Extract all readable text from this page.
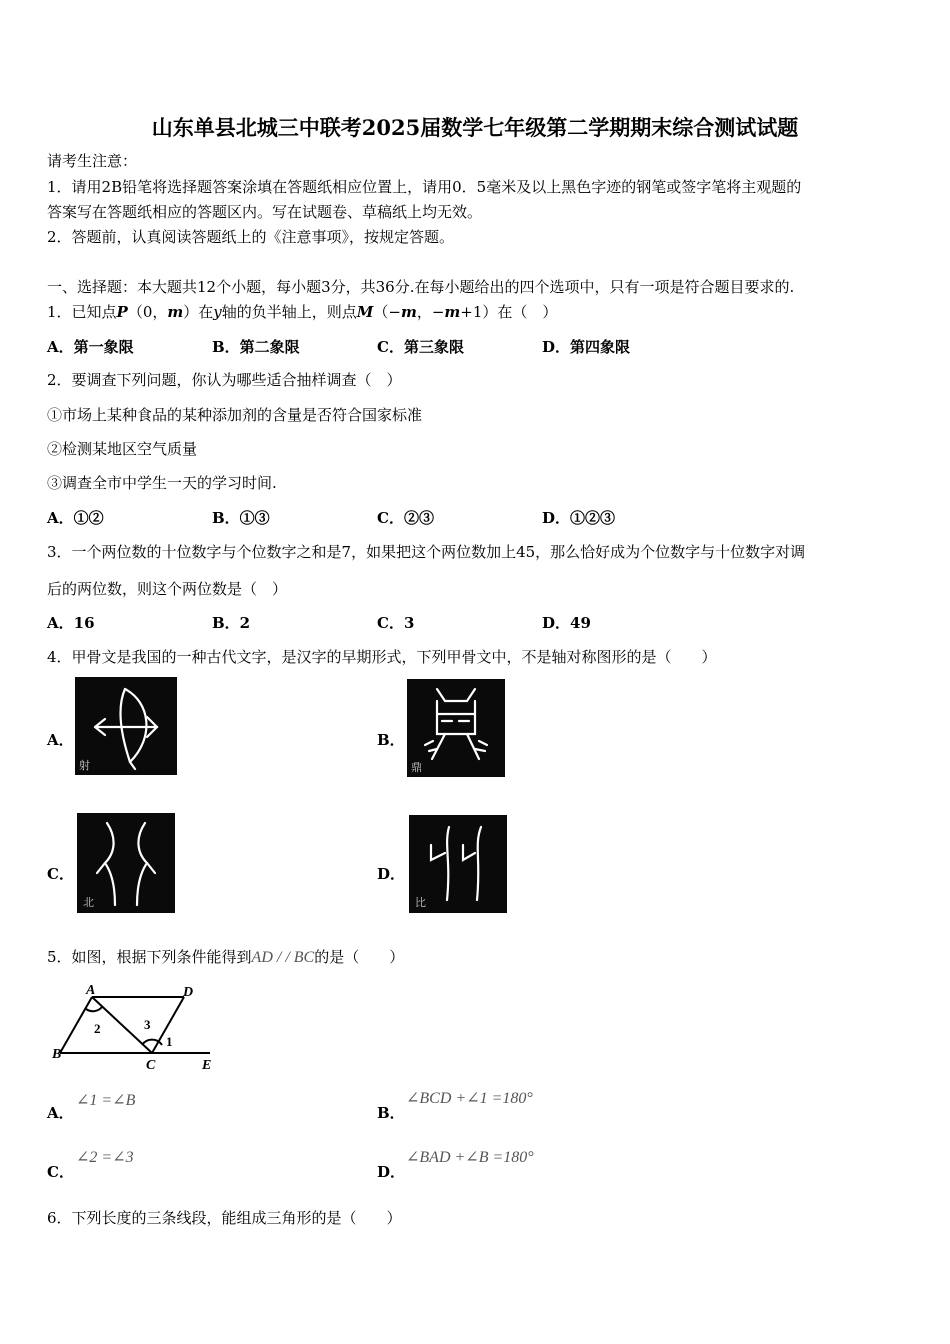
山东单县北城三中联考2025届数学七年级第二学期期末综合测试试题
请考生注意：
1．请用2B铅笔将选择题答案涂填在答题纸相应位置上，请用0．5毫米及以上黑色字迹的钢笔或签字笔将主观题的
答案写在答题纸相应的答题区内。写在试题卷、草稿纸上均无效。
2．答题前，认真阅读答题纸上的《注意事项》，按规定答题。
一、选择题：本大题共12个小题，每小题3分，共36分.在每小题给出的四个选项中，只有一项是符合题目要求的.
1．已知点P（0，m）在y轴的负半轴上，则点M（−m，−m+1）在（　）
A．第一象限	B．第二象限	C．第三象限	D．第四象限
2．要调查下列问题，你认为哪些适合抽样调查（　）
①市场上某种食品的某种添加剂的含量是否符合国家标准
②检测某地区空气质量
③调查全市中学生一天的学习时间.
A．①②	B．①③	C．②③	D．①②③
3．一个两位数的十位数字与个位数字之和是7，如果把这个两位数加上45，那么恰好成为个位数字与十位数字对调
后的两位数，则这个两位数是（　）
A．16	B．2	C．3	D．49
4．甲骨文是我国的一种古代文字，是汉字的早期形式，下列甲骨文中，不是轴对称图形的是（　　）
A．
射
B．
鼎
C．
北
D．
比
5．如图，根据下列条件能得到AD / / BC的是（　　）
A	D
B
C	E
2	3
1
A．
∠1 =∠B
B．
∠BCD +∠1 =180°
C．
∠2 =∠3
D．
∠BAD +∠B =180°
6．下列长度的三条线段，能组成三角形的是（　　）
